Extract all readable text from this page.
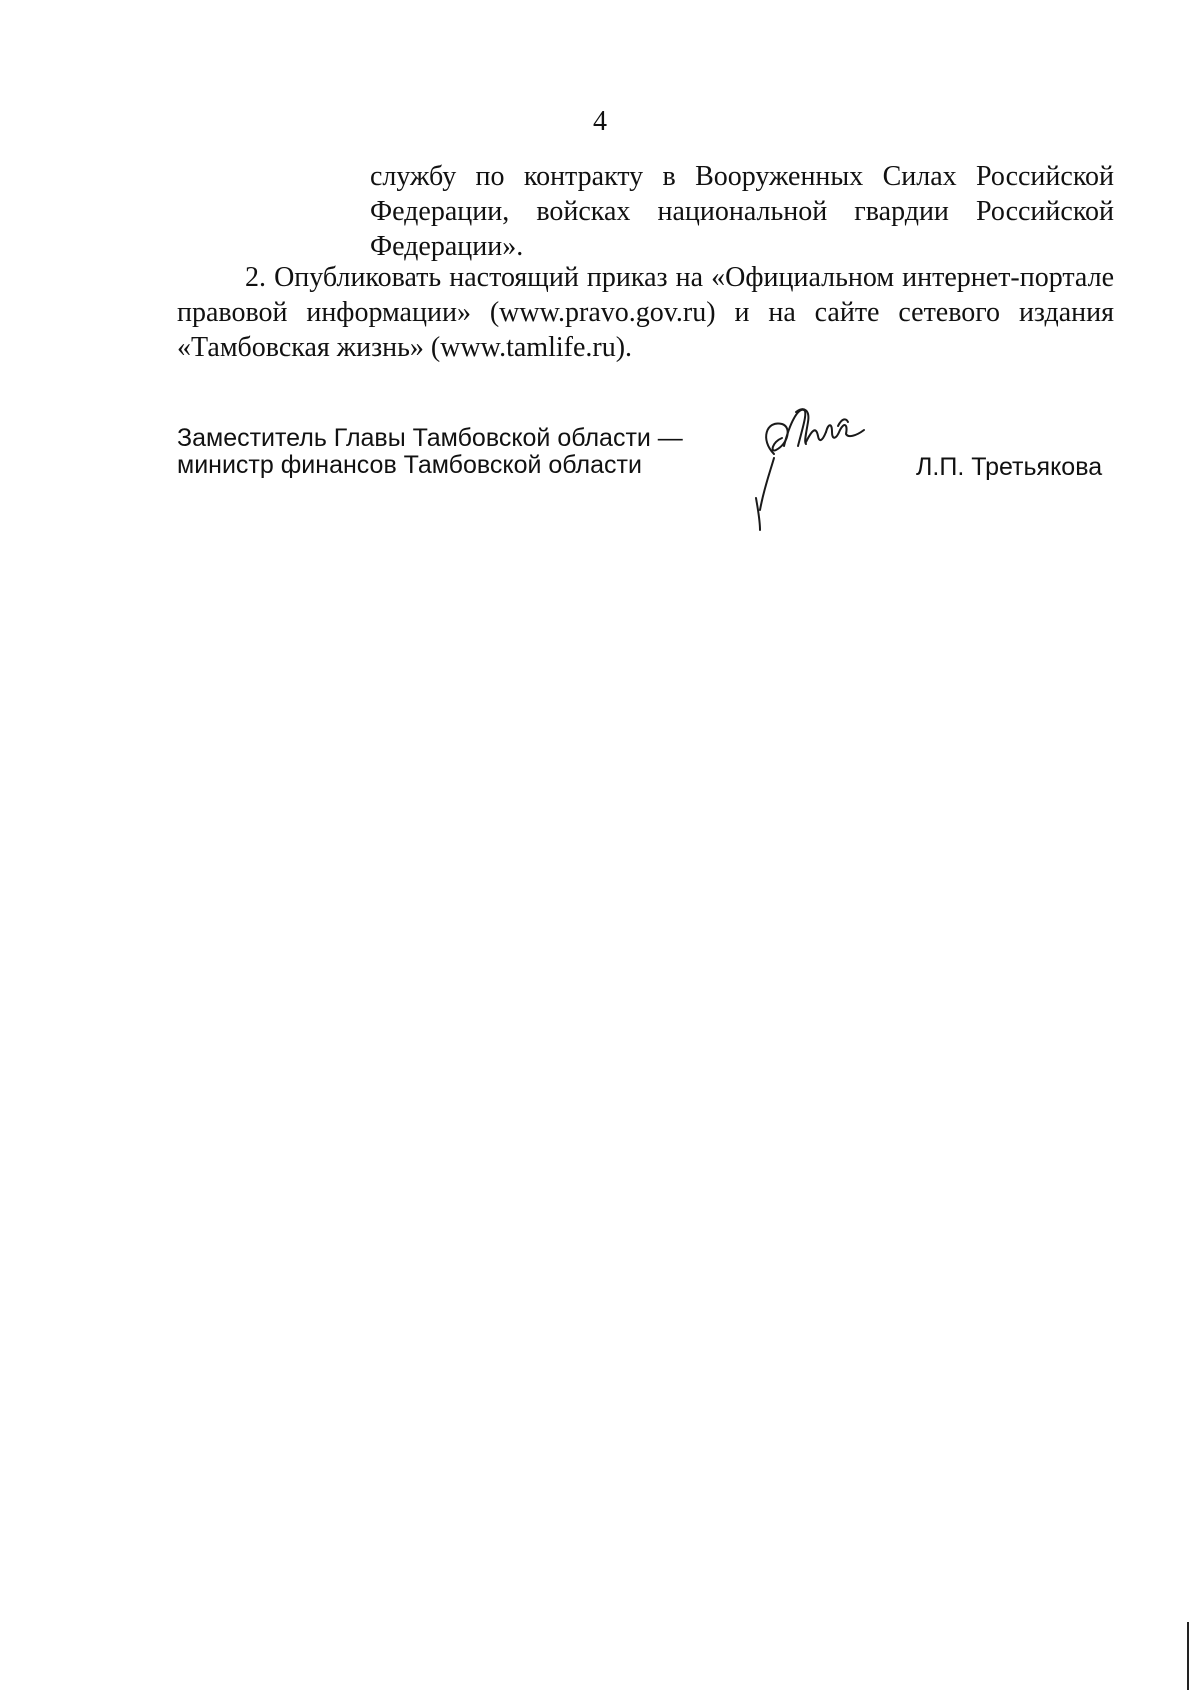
4
службу по контракту в Вооруженных Силах Российской Федерации, войсках национальной гвардии Российской Федерации».
2. Опубликовать настоящий приказ на «Официальном интернет-портале правовой информации» (www.pravo.gov.ru) и на сайте сетевого издания «Тамбовская жизнь» (www.tamlife.ru).
Заместитель Главы Тамбовской области —
министр финансов Тамбовской области	Л.П. Третьякова
